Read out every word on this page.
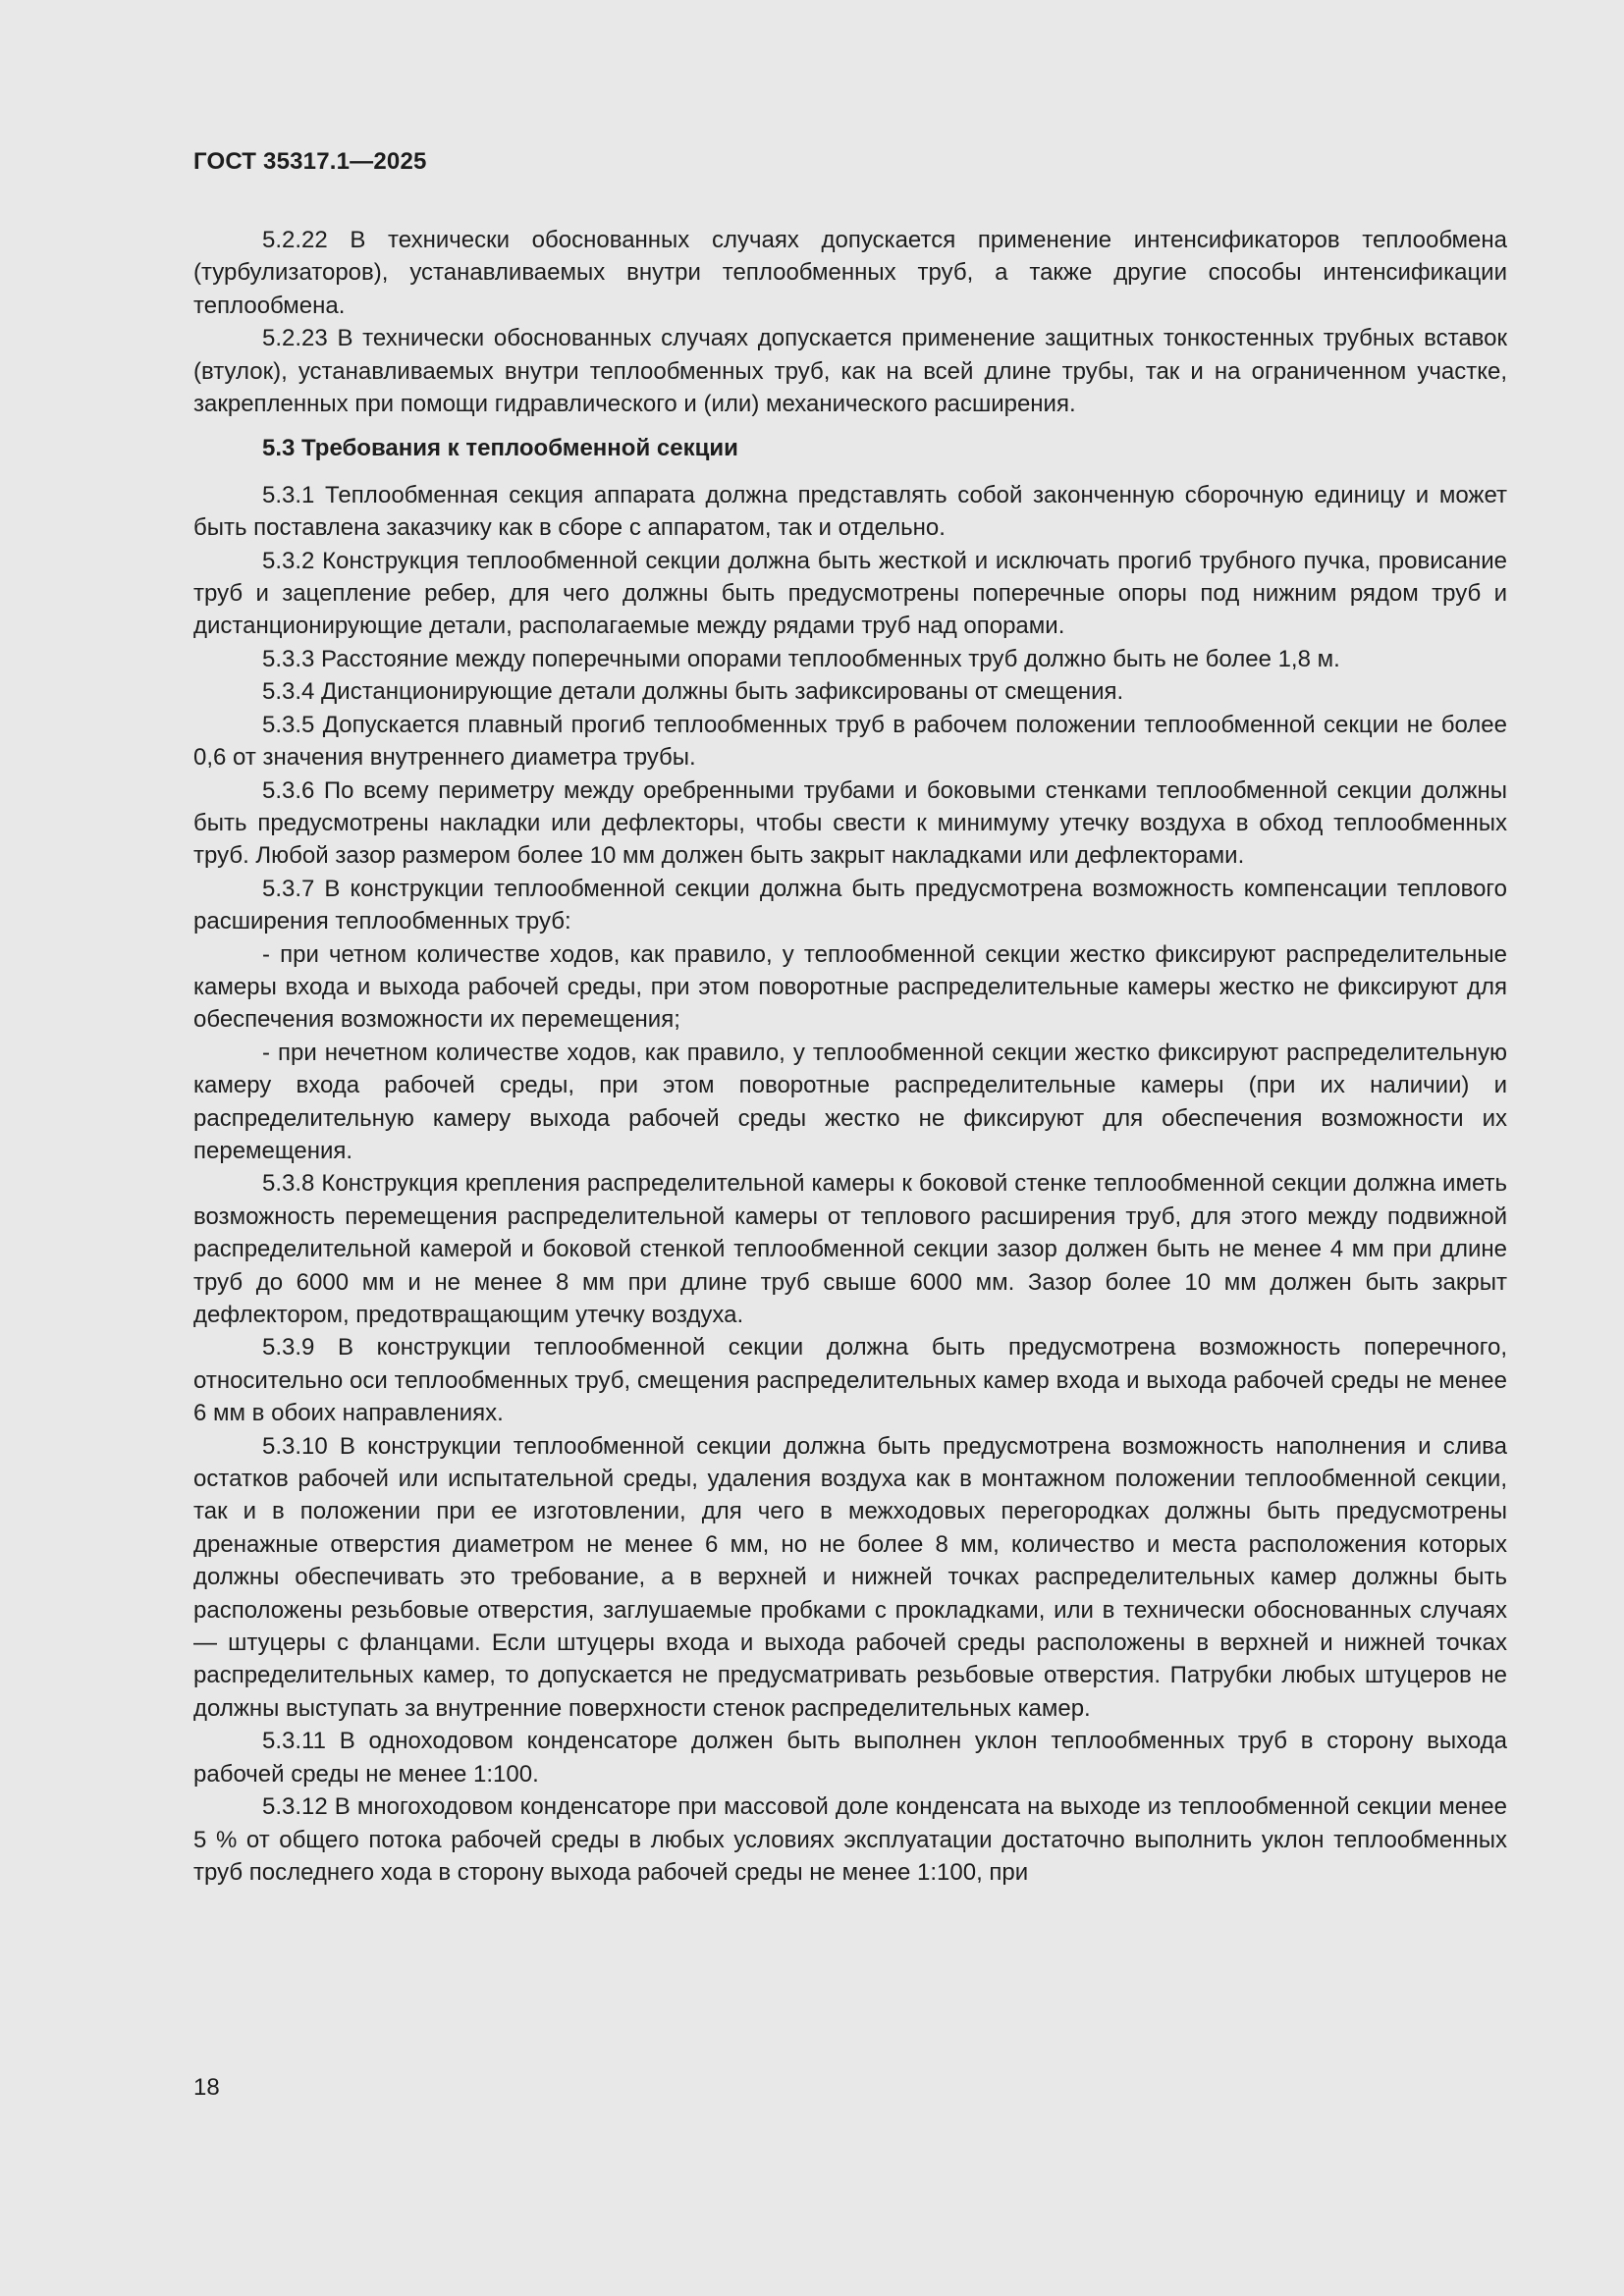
ГОСТ 35317.1—2025

5.2.22 В технически обоснованных случаях допускается применение интенсификаторов теплообмена (турбулизаторов), устанавливаемых внутри теплообменных труб, а также другие способы интенсификации теплообмена.

5.2.23 В технически обоснованных случаях допускается применение защитных тонкостенных трубных вставок (втулок), устанавливаемых внутри теплообменных труб, как на всей длине трубы, так и на ограниченном участке, закрепленных при помощи гидравлического и (или) механического расширения.

5.3 Требования к теплообменной секции

5.3.1 Теплообменная секция аппарата должна представлять собой законченную сборочную единицу и может быть поставлена заказчику как в сборе с аппаратом, так и отдельно.

5.3.2 Конструкция теплообменной секции должна быть жесткой и исключать прогиб трубного пучка, провисание труб и зацепление ребер, для чего должны быть предусмотрены поперечные опоры под нижним рядом труб и дистанционирующие детали, располагаемые между рядами труб над опорами.

5.3.3 Расстояние между поперечными опорами теплообменных труб должно быть не более 1,8 м.

5.3.4 Дистанционирующие детали должны быть зафиксированы от смещения.

5.3.5 Допускается плавный прогиб теплообменных труб в рабочем положении теплообменной секции не более 0,6 от значения внутреннего диаметра трубы.

5.3.6 По всему периметру между оребренными трубами и боковыми стенками теплообменной секции должны быть предусмотрены накладки или дефлекторы, чтобы свести к минимуму утечку воздуха в обход теплообменных труб. Любой зазор размером более 10 мм должен быть закрыт накладками или дефлекторами.

5.3.7 В конструкции теплообменной секции должна быть предусмотрена возможность компенсации теплового расширения теплообменных труб:

- при четном количестве ходов, как правило, у теплообменной секции жестко фиксируют распределительные камеры входа и выхода рабочей среды, при этом поворотные распределительные камеры жестко не фиксируют для обеспечения возможности их перемещения;

- при нечетном количестве ходов, как правило, у теплообменной секции жестко фиксируют распределительную камеру входа рабочей среды, при этом поворотные распределительные камеры (при их наличии) и распределительную камеру выхода рабочей среды жестко не фиксируют для обеспечения возможности их перемещения.

5.3.8 Конструкция крепления распределительной камеры к боковой стенке теплообменной секции должна иметь возможность перемещения распределительной камеры от теплового расширения труб, для этого между подвижной распределительной камерой и боковой стенкой теплообменной секции зазор должен быть не менее 4 мм при длине труб до 6000 мм и не менее 8 мм при длине труб свыше 6000 мм. Зазор более 10 мм должен быть закрыт дефлектором, предотвращающим утечку воздуха.

5.3.9 В конструкции теплообменной секции должна быть предусмотрена возможность поперечного, относительно оси теплообменных труб, смещения распределительных камер входа и выхода рабочей среды не менее 6 мм в обоих направлениях.

5.3.10 В конструкции теплообменной секции должна быть предусмотрена возможность наполнения и слива остатков рабочей или испытательной среды, удаления воздуха как в монтажном положении теплообменной секции, так и в положении при ее изготовлении, для чего в межходовых перегородках должны быть предусмотрены дренажные отверстия диаметром не менее 6 мм, но не более 8 мм, количество и места расположения которых должны обеспечивать это требование, а в верхней и нижней точках распределительных камер должны быть расположены резьбовые отверстия, заглушаемые пробками с прокладками, или в технически обоснованных случаях — штуцеры с фланцами. Если штуцеры входа и выхода рабочей среды расположены в верхней и нижней точках распределительных камер, то допускается не предусматривать резьбовые отверстия. Патрубки любых штуцеров не должны выступать за внутренние поверхности стенок распределительных камер.

5.3.11 В одноходовом конденсаторе должен быть выполнен уклон теплообменных труб в сторону выхода рабочей среды не менее 1:100.

5.3.12 В многоходовом конденсаторе при массовой доле конденсата на выходе из теплообменной секции менее 5 % от общего потока рабочей среды в любых условиях эксплуатации достаточно выполнить уклон теплообменных труб последнего хода в сторону выхода рабочей среды не менее 1:100, при

18
